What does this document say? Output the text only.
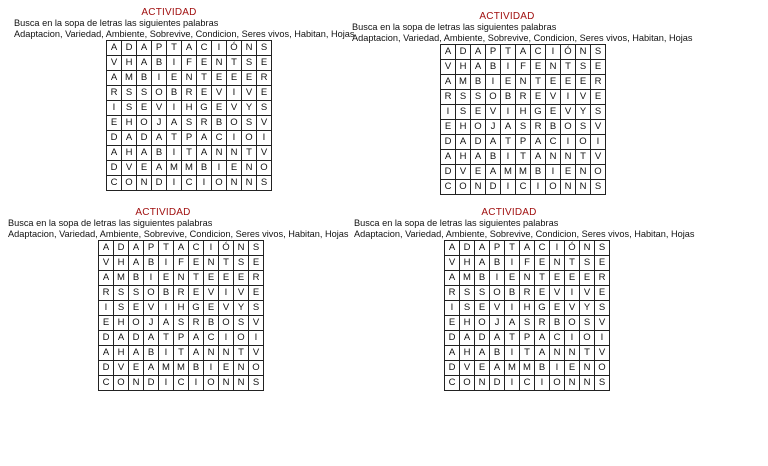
ACTIVIDAD
Busca en la sopa de letras las siguientes palabras
Adaptacion, Variedad, Ambiente, Sobrevive, Condicion, Seres vivos, Habitan, Hojas
A	D	A	P	T	A	C	I	Ó	N	S
V	H	A	B	I	F	E	N	T	S	E
A	M	B	I	E	N	T	E	E	E	R
R	S	S	O	B	R	E	V	I	V	E
I	S	E	V	I	H	G	E	V	Y	S
E	H	O	J	A	S	R	B	O	S	V
D	A	D	A	T	P	A	C	I	O	I
A	H	A	B	I	T	A	N	N	T	V
D	V	E	A	M	M	B	I	E	N	O
C	O	N	D	I	C	I	O	N	N	S
ACTIVIDAD
Busca en la sopa de letras las siguientes palabras
Adaptacion, Variedad, Ambiente, Sobrevive, Condicion, Seres vivos, Habitan, Hojas
A	D	A	P	T	A	C	I	Ó	N	S
V	H	A	B	I	F	E	N	T	S	E
A	M	B	I	E	N	T	E	E	E	R
R	S	S	O	B	R	E	V	I	V	E
I	S	E	V	I	H	G	E	V	Y	S
E	H	O	J	A	S	R	B	O	S	V
D	A	D	A	T	P	A	C	I	O	I
A	H	A	B	I	T	A	N	N	T	V
D	V	E	A	M	M	B	I	E	N	O
C	O	N	D	I	C	I	O	N	N	S
ACTIVIDAD
Busca en la sopa de letras las siguientes palabras
Adaptacion, Variedad, Ambiente, Sobrevive, Condicion, Seres vivos, Habitan, Hojas
A	D	A	P	T	A	C	I	Ó	N	S
V	H	A	B	I	F	E	N	T	S	E
A	M	B	I	E	N	T	E	E	E	R
R	S	S	O	B	R	E	V	I	V	E
I	S	E	V	I	H	G	E	V	Y	S
E	H	O	J	A	S	R	B	O	S	V
D	A	D	A	T	P	A	C	I	O	I
A	H	A	B	I	T	A	N	N	T	V
D	V	E	A	M	M	B	I	E	N	O
C	O	N	D	I	C	I	O	N	N	S
ACTIVIDAD
Busca en la sopa de letras las siguientes palabras
Adaptacion, Variedad, Ambiente, Sobrevive, Condicion, Seres vivos, Habitan, Hojas
A	D	A	P	T	A	C	I	Ó	N	S
V	H	A	B	I	F	E	N	T	S	E
A	M	B	I	E	N	T	E	E	E	R
R	S	S	O	B	R	E	V	I	V	E
I	S	E	V	I	H	G	E	V	Y	S
E	H	O	J	A	S	R	B	O	S	V
D	A	D	A	T	P	A	C	I	O	I
A	H	A	B	I	T	A	N	N	T	V
D	V	E	A	M	M	B	I	E	N	O
C	O	N	D	I	C	I	O	N	N	S
